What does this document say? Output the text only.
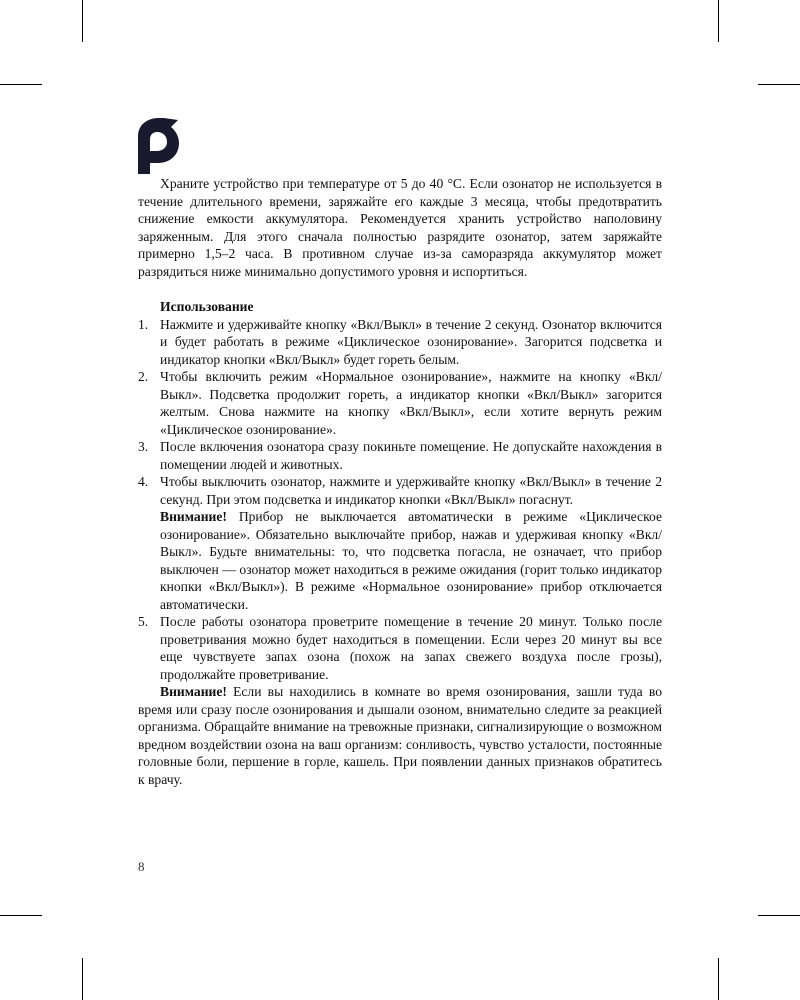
Храните устройство при температуре от 5 до 40 °С. Если озонатор не используется в течение длительного времени, заряжайте его каждые 3 месяца, чтобы предотвратить снижение емкости аккумулятора. Рекомендуется хранить устройство наполовину заряженным. Для этого сначала полностью разрядите озонатор, затем заряжайте примерно 1,5–2 часа. В противном случае из-за саморазряда аккумулятор может разрядиться ниже минимально допустимого уровня и испортиться.

Использование

1. Нажмите и удерживайте кнопку «Вкл/Выкл» в течение 2 секунд. Озонатор включится и будет работать в режиме «Циклическое озонирование». Загорится подсветка и индикатор кнопки «Вкл/Выкл» будет гореть белым.
2. Чтобы включить режим «Нормальное озонирование», нажмите на кнопку «Вкл/Выкл». Подсветка продолжит гореть, а индикатор кнопки «Вкл/Выкл» загорится желтым. Снова нажмите на кнопку «Вкл/Выкл», если хотите вернуть режим «Циклическое озонирование».
3. После включения озонатора сразу покиньте помещение. Не допускайте нахождения в помещении людей и животных.
4. Чтобы выключить озонатор, нажмите и удерживайте кнопку «Вкл/Выкл» в течение 2 секунд. При этом подсветка и индикатор кнопки «Вкл/Выкл» погаснут.

Внимание! Прибор не выключается автоматически в режиме «Циклическое озонирование». Обязательно выключайте прибор, нажав и удерживая кнопку «Вкл/Выкл». Будьте внимательны: то, что подсветка погасла, не означает, что прибор выключен — озонатор может находиться в режиме ожидания (горит только индикатор кнопки «Вкл/Выкл»). В режиме «Нормальное озонирование» прибор отключается автоматически.

5. После работы озонатора проветрите помещение в течение 20 минут. Только после проветривания можно будет находиться в помещении. Если через 20 минут вы все еще чувствуете запах озона (похож на запах свежего воздуха после грозы), продолжайте проветривание.

Внимание! Если вы находились в комнате во время озонирования, зашли туда во время или сразу после озонирования и дышали озоном, внимательно следите за реакцией организма. Обращайте внимание на тревожные признаки, сигнализирующие о возможном вредном воздействии озона на ваш организм: сонливость, чувство усталости, постоянные головные боли, першение в горле, кашель. При появлении данных признаков обратитесь к врачу.

8
